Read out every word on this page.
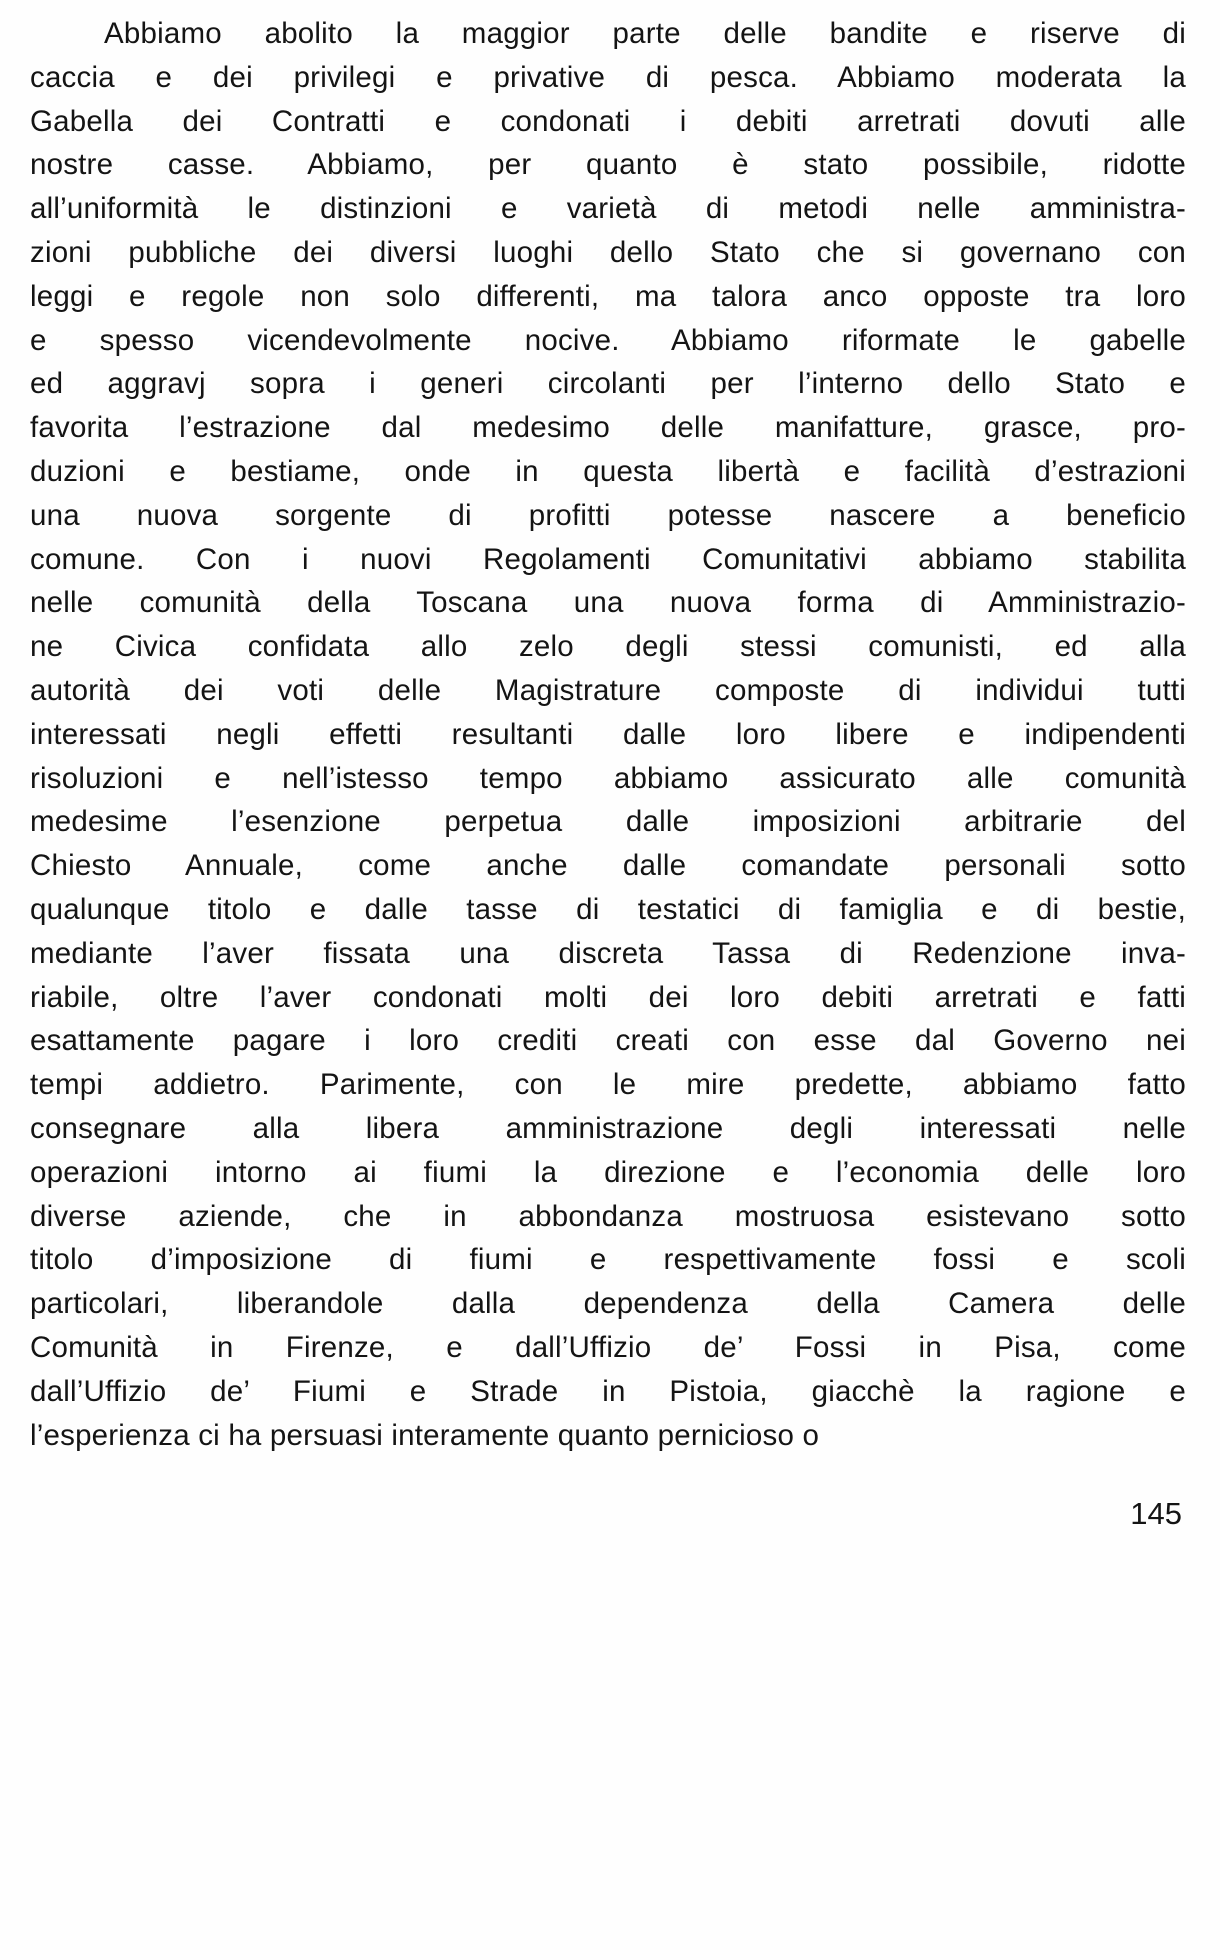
Abbiamo abolito la maggior parte delle bandite e riserve di
caccia e dei privilegi e privative di pesca. Abbiamo moderata la
Gabella dei Contratti e condonati i debiti arretrati dovuti alle
nostre casse. Abbiamo, per quanto è stato possibile, ridotte
all’uniformità le distinzioni e varietà di metodi nelle amministra-
zioni pubbliche dei diversi luoghi dello Stato che si governano con
leggi e regole non solo differenti, ma talora anco opposte tra loro
e spesso vicendevolmente nocive. Abbiamo riformate le gabelle
ed aggravj sopra i generi circolanti per l’interno dello Stato e
favorita l’estrazione dal medesimo delle manifatture, grasce, pro-
duzioni e bestiame, onde in questa libertà e facilità d’estrazioni
una nuova sorgente di profitti potesse nascere a beneficio
comune. Con i nuovi Regolamenti Comunitativi abbiamo stabilita
nelle comunità della Toscana una nuova forma di Amministrazio-
ne Civica confidata allo zelo degli stessi comunisti, ed alla
autorità dei voti delle Magistrature composte di individui tutti
interessati negli effetti resultanti dalle loro libere e indipendenti
risoluzioni e nell’istesso tempo abbiamo assicurato alle comunità
medesime l’esenzione perpetua dalle imposizioni arbitrarie del
Chiesto Annuale, come anche dalle comandate personali sotto
qualunque titolo e dalle tasse di testatici di famiglia e di bestie,
mediante l’aver fissata una discreta Tassa di Redenzione inva-
riabile, oltre l’aver condonati molti dei loro debiti arretrati e fatti
esattamente pagare i loro crediti creati con esse dal Governo nei
tempi addietro. Parimente, con le mire predette, abbiamo fatto
consegnare alla libera amministrazione degli interessati nelle
operazioni intorno ai fiumi la direzione e l’economia delle loro
diverse aziende, che in abbondanza mostruosa esistevano sotto
titolo d’imposizione di fiumi e respettivamente fossi e scoli
particolari, liberandole dalla dependenza della Camera delle
Comunità in Firenze, e dall’Uffizio de’ Fossi in Pisa, come
dall’Uffizio de’ Fiumi e Strade in Pistoia, giacchè la ragione e
l’esperienza ci ha persuasi interamente quanto pernicioso o
145
